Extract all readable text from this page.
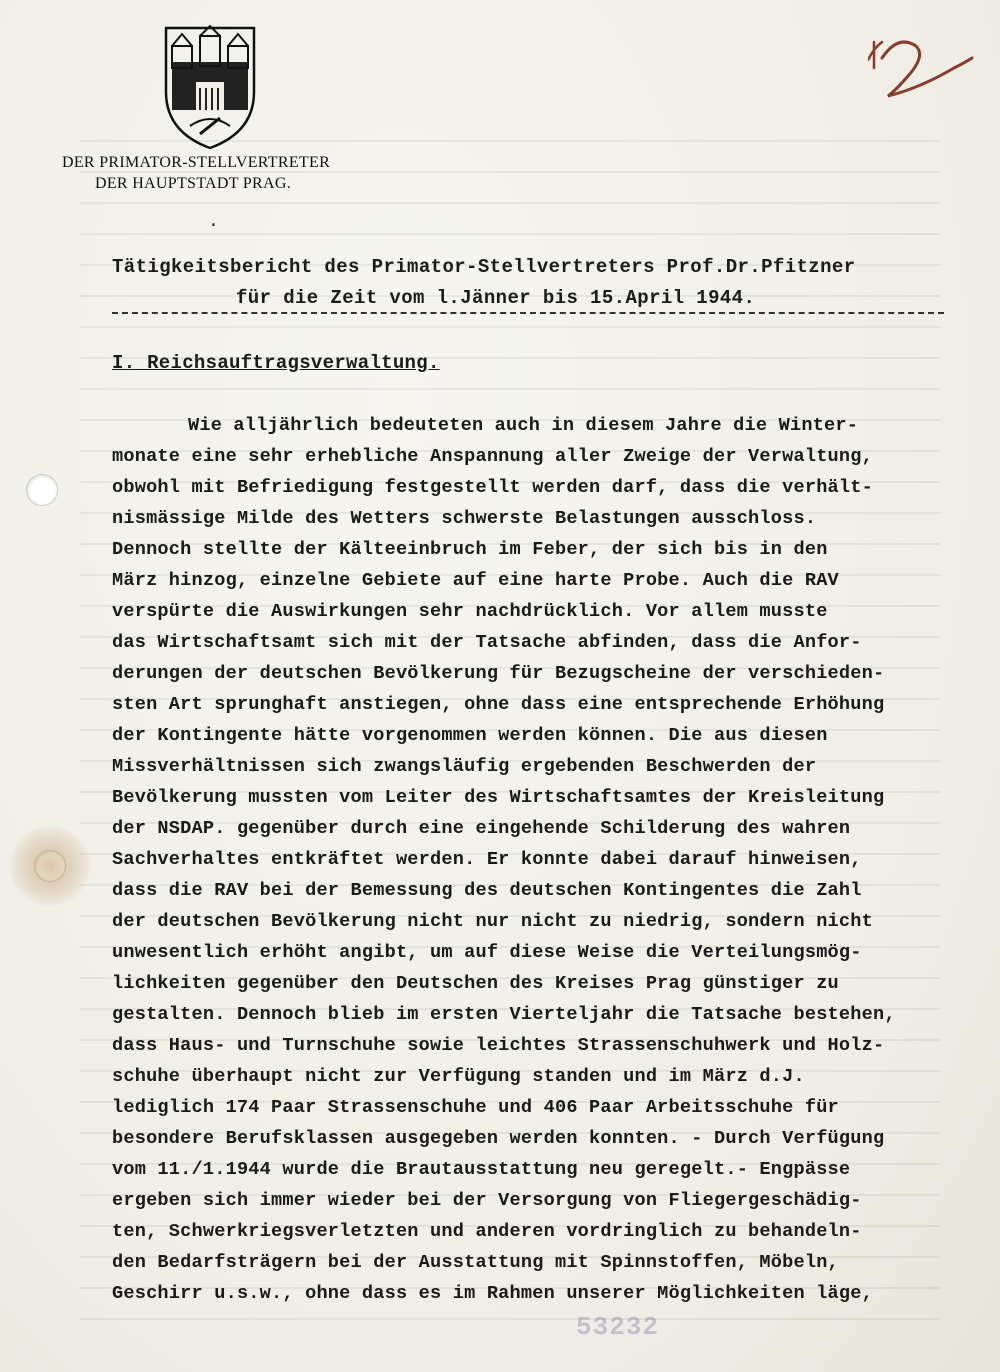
DER PRIMATOR-STELLVERTRETER
DER HAUPTSTADT PRAG.
.
Tätigkeitsbericht des Primator-Stellvertreters Prof.Dr.Pfitzner
für die Zeit vom l.Jänner bis 15.April 1944.
I. Reichsauftragsverwaltung.
Wie alljährlich bedeuteten auch in diesem Jahre die Winter-
monate eine sehr erhebliche Anspannung aller Zweige der Verwaltung,
obwohl mit Befriedigung festgestellt werden darf, dass die verhält-
nismässige Milde des Wetters schwerste Belastungen ausschloss.
Dennoch stellte der Kälteeinbruch im Feber, der sich bis in den
März hinzog, einzelne Gebiete auf eine harte Probe. Auch die RAV
verspürte die Auswirkungen sehr nachdrücklich. Vor allem musste
das Wirtschaftsamt sich mit der Tatsache abfinden, dass die Anfor-
derungen der deutschen Bevölkerung für Bezugscheine der verschieden-
sten Art sprunghaft anstiegen, ohne dass eine entsprechende Erhöhung
der Kontingente hätte vorgenommen werden können. Die aus diesen
Missverhältnissen sich zwangsläufig ergebenden Beschwerden der
Bevölkerung mussten vom Leiter des Wirtschaftsamtes der Kreisleitung
der NSDAP. gegenüber durch eine eingehende Schilderung des wahren
Sachverhaltes entkräftet werden. Er konnte dabei darauf hinweisen,
dass die RAV bei der Bemessung des deutschen Kontingentes die Zahl
der deutschen Bevölkerung nicht nur nicht zu niedrig, sondern nicht
unwesentlich erhöht angibt, um auf diese Weise die Verteilungsmög-
lichkeiten gegenüber den Deutschen des Kreises Prag günstiger zu
gestalten. Dennoch blieb im ersten Vierteljahr die Tatsache bestehen,
dass Haus- und Turnschuhe sowie leichtes Strassenschuhwerk und Holz-
schuhe überhaupt nicht zur Verfügung standen und im März d.J.
lediglich 174 Paar Strassenschuhe und 406 Paar Arbeitsschuhe für
besondere Berufsklassen ausgegeben werden konnten. - Durch Verfügung
vom 11./1.1944 wurde die Brautausstattung neu geregelt.- Engpässe
ergeben sich immer wieder bei der Versorgung von Fliegergeschädig-
ten, Schwerkriegsverletzten und anderen vordringlich zu behandeln-
den Bedarfsträgern bei der Ausstattung mit Spinnstoffen, Möbeln,
Geschirr u.s.w., ohne dass es im Rahmen unserer Möglichkeiten läge,
53232
